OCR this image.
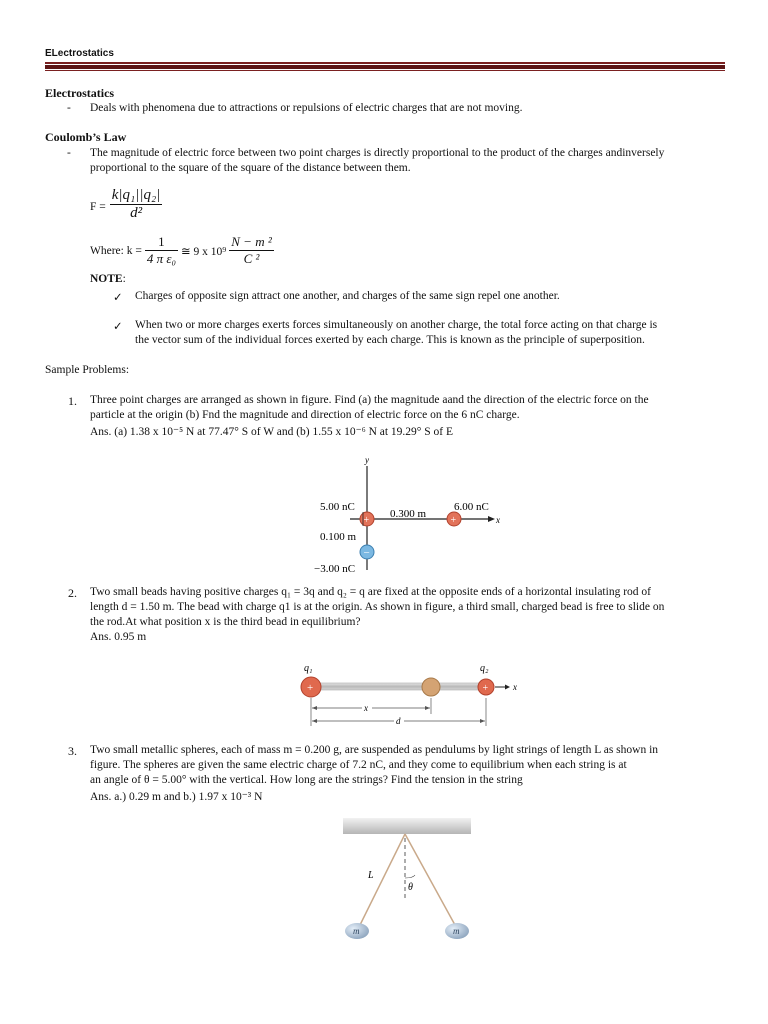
ELectrostatics
Electrostatics
- Deals with phenomena due to attractions or repulsions of electric charges that are not moving.
Coulomb’s Law
- The magnitude of electric force between two point charges is directly proportional to the product of the charges andinversely
proportional to the square of the square of the distance between them.
$F = \frac{\text{k|q₁||q₂|}}{\text{d²}}$
Where: $k = \frac{1}{\text{4 π ε₀}}$ ≅ 9 x $10^9 \frac{\text{N − m ²}}{\text{C ²}}$
NOTE:
✓ Charges of opposite sign attract one another, and charges of the same sign repel one another.
✓ When two or more charges exerts forces simultaneously on another charge, the total force acting on that charge is
the vector sum of the individual forces exerted by each charge. This is known as the principle of superposition.
Sample Problems:
1. Three point charges are arranged as shown in figure. Find (a) the magnitude aand the direction of the electric force on the
particle at the origin (b) Fnd the magnitude and direction of electric force on the 6 nC charge.
Ans. (a) 1.38 x 10⁻⁵ N at 77.47° S of W and (b) 1.55 x 10⁻⁶ N at 19.29° S of E
y
x
+	+
−
5.00 nC	6.00 nC
0.300 m
0.100 m
−3.00 nC
2. Two small beads having positive charges q₁ = 3q and q₂ = q are fixed at the opposite ends of a horizontal insulating rod of
length d = 1.50 m. The bead with charge q1 is at the origin. As shown in figure, a third small, charged bead is free to slide on
the rod.At what position x is the third bead in equilibrium?
Ans. 0.95 m
+	+	x
q₁	q₂
x
d
3. Two small metallic spheres, each of mass m = 0.200 g, are suspended as pendulums by light strings of length L as shown in
figure. The spheres are given the same electric charge of 7.2 nC, and they come to equilibrium when each string is at
an angle of θ = 5.00° with the vertical. How long are the strings? Find the tension in the string
Ans. a.) 0.29 m and b.) 1.97 x 10⁻³ N
θ
L
m	m
